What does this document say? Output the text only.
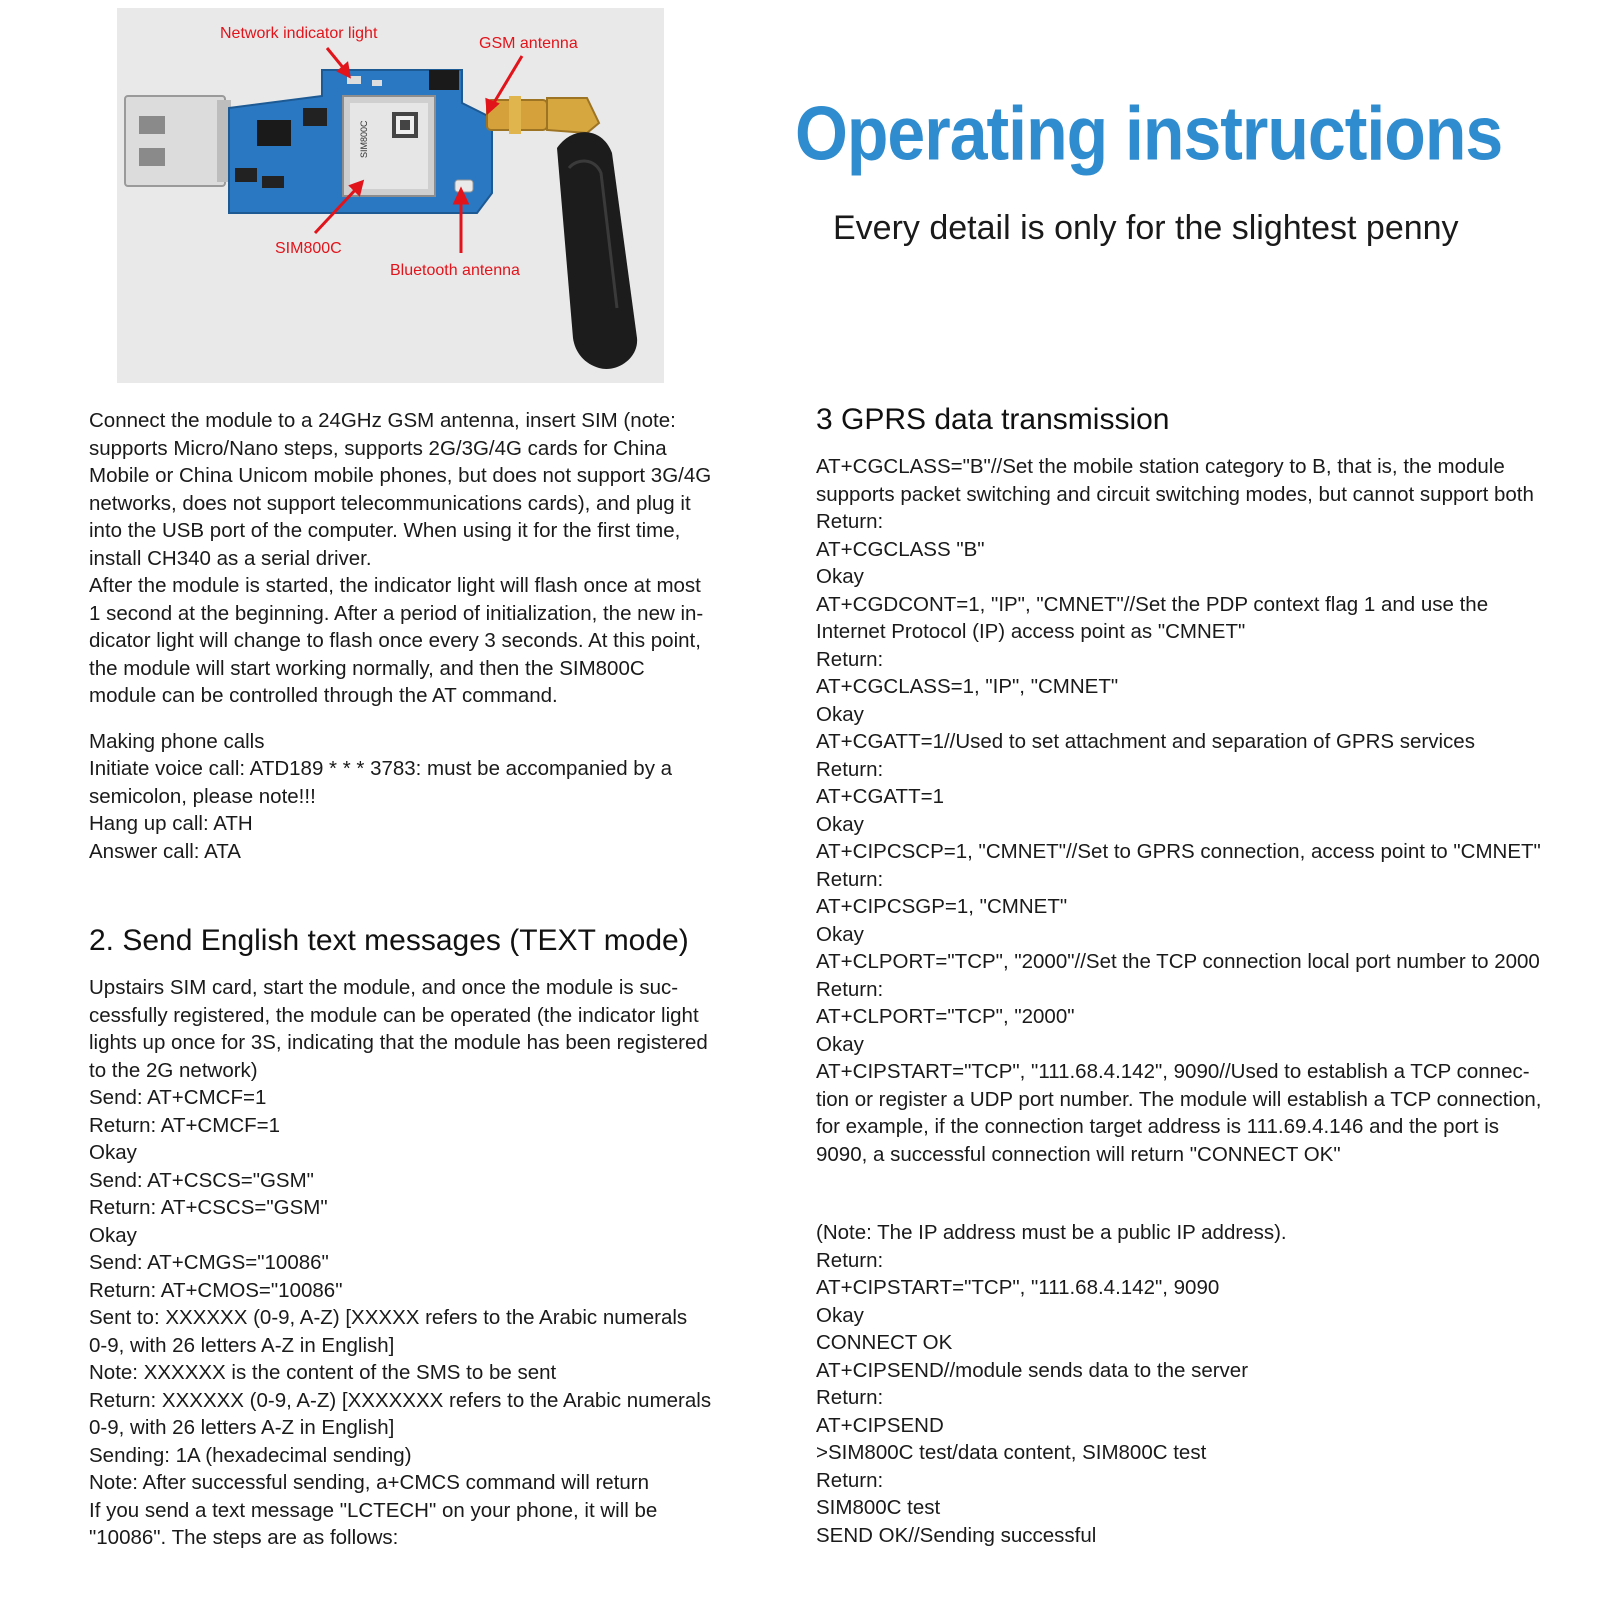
SIM800C
Network indicator light
GSM antenna
SIM800C
Bluetooth antenna
Operating instructions
Every detail is only for the slightest penny
Connect the module to a 24GHz GSM antenna, insert SIM (note:
supports Micro/Nano steps, supports 2G/3G/4G cards for China
Mobile or China Unicom mobile phones, but does not support 3G/4G
networks, does not support telecommunications cards), and plug it
into the USB port of the computer. When using it for the first time,
install CH340 as a serial driver.
After the module is started, the indicator light will flash once at most
1 second at the beginning. After a period of initialization, the new in-
dicator light will change to flash once every 3 seconds. At this point,
the module will start working normally, and then the SIM800C
module can be controlled through the AT command.
Making phone calls
Initiate voice call: ATD189 * * * 3783: must be accompanied by a
semicolon, please note!!!
Hang up call: ATH
Answer call: ATA
2. Send English text messages (TEXT mode)
Upstairs SIM card, start the module, and once the module is suc-
cessfully registered, the module can be operated (the indicator light
lights up once for 3S, indicating that the module has been registered
to the 2G network)
Send: AT+CMCF=1
Return: AT+CMCF=1
Okay
Send: AT+CSCS="GSM"
Return: AT+CSCS="GSM"
Okay
Send: AT+CMGS="10086"
Return: AT+CMOS="10086"
Sent to: XXXXXX (0-9, A-Z) [XXXXX refers to the Arabic numerals
0-9, with 26 letters A-Z in English]
Note: XXXXXX is the content of the SMS to be sent
Return: XXXXXX (0-9, A-Z) [XXXXXXX refers to the Arabic numerals
0-9, with 26 letters A-Z in English]
Sending: 1A (hexadecimal sending)
Note: After successful sending, a+CMCS command will return
If you send a text message "LCTECH" on your phone, it will be
"10086". The steps are as follows:
3 GPRS data transmission
AT+CGCLASS="B"//Set the mobile station category to B, that is, the module
supports packet switching and circuit switching modes, but cannot support both
Return:
AT+CGCLASS "B"
Okay
AT+CGDCONT=1, "IP", "CMNET"//Set the PDP context flag 1 and use the
Internet Protocol (IP) access point as "CMNET"
Return:
AT+CGCLASS=1, "IP", "CMNET"
Okay
AT+CGATT=1//Used to set attachment and separation of GPRS services
Return:
AT+CGATT=1
Okay
AT+CIPCSCP=1, "CMNET"//Set to GPRS connection, access point to "CMNET"
Return:
AT+CIPCSGP=1, "CMNET"
Okay
AT+CLPORT="TCP", "2000"//Set the TCP connection local port number to 2000
Return:
AT+CLPORT="TCP", "2000"
Okay
AT+CIPSTART="TCP", "111.68.4.142", 9090//Used to establish a TCP connec-
tion or register a UDP port number. The module will establish a TCP connection,
for example, if the connection target address is 111.69.4.146 and the port is
9090, a successful connection will return "CONNECT OK"
(Note: The IP address must be a public IP address).
Return:
AT+CIPSTART="TCP", "111.68.4.142", 9090
Okay
CONNECT OK
AT+CIPSEND//module sends data to the server
Return:
AT+CIPSEND
>SIM800C test/data content, SIM800C test
Return:
SIM800C test
SEND OK//Sending successful
